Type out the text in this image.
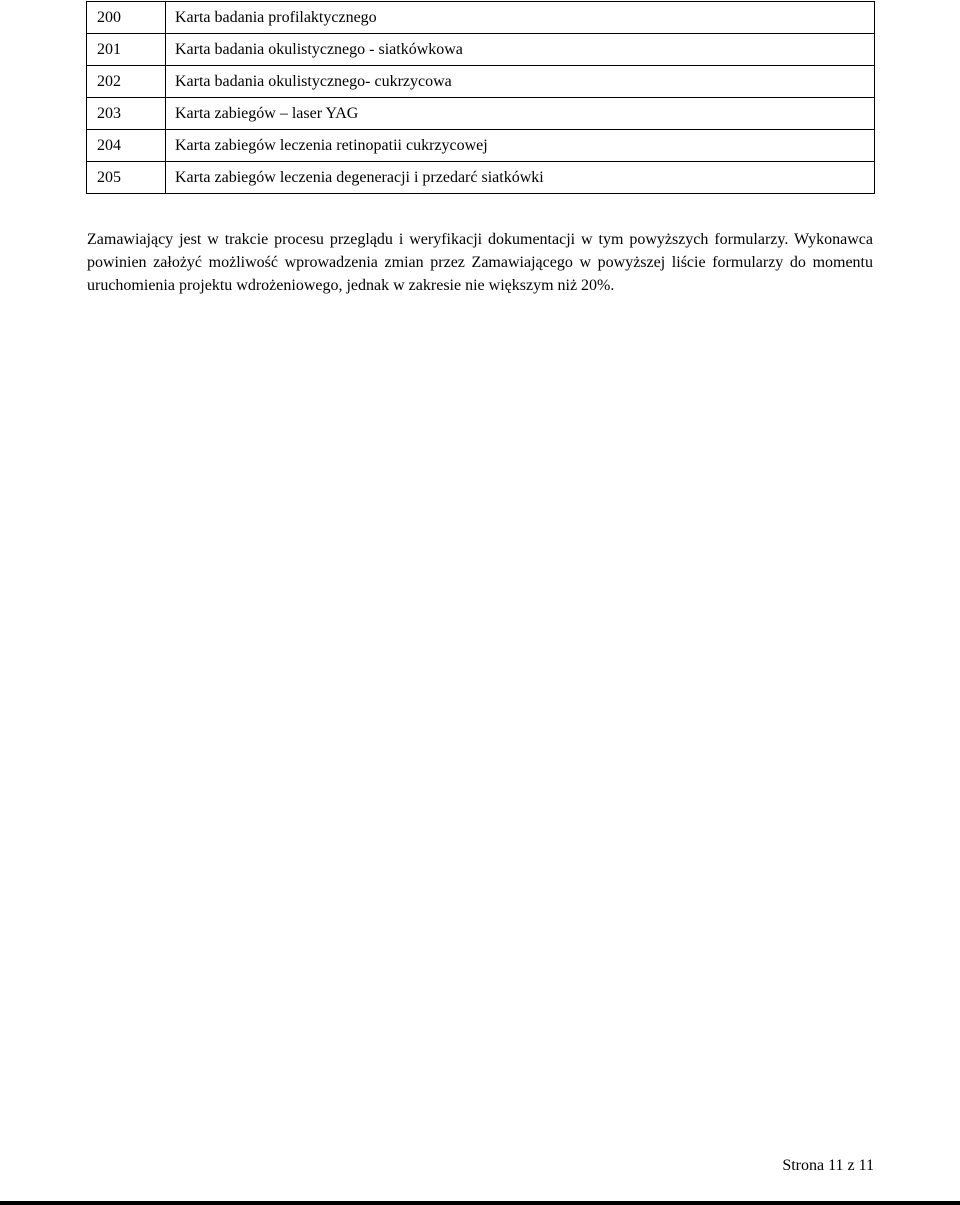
200	Karta badania profilaktycznego
201	Karta badania okulistycznego - siatkówkowa
202	Karta badania okulistycznego- cukrzycowa
203	Karta zabiegów – laser YAG
204	Karta zabiegów leczenia retinopatii cukrzycowej
205	Karta zabiegów leczenia degeneracji i przedarć siatkówki

Zamawiający jest w trakcie procesu przeglądu i weryfikacji dokumentacji w tym powyższych formularzy. Wykonawca powinien założyć możliwość wprowadzenia zmian przez Zamawiającego w powyższej liście formularzy do momentu uruchomienia projektu wdrożeniowego, jednak w zakresie nie większym niż 20%.

Strona 11 z 11
